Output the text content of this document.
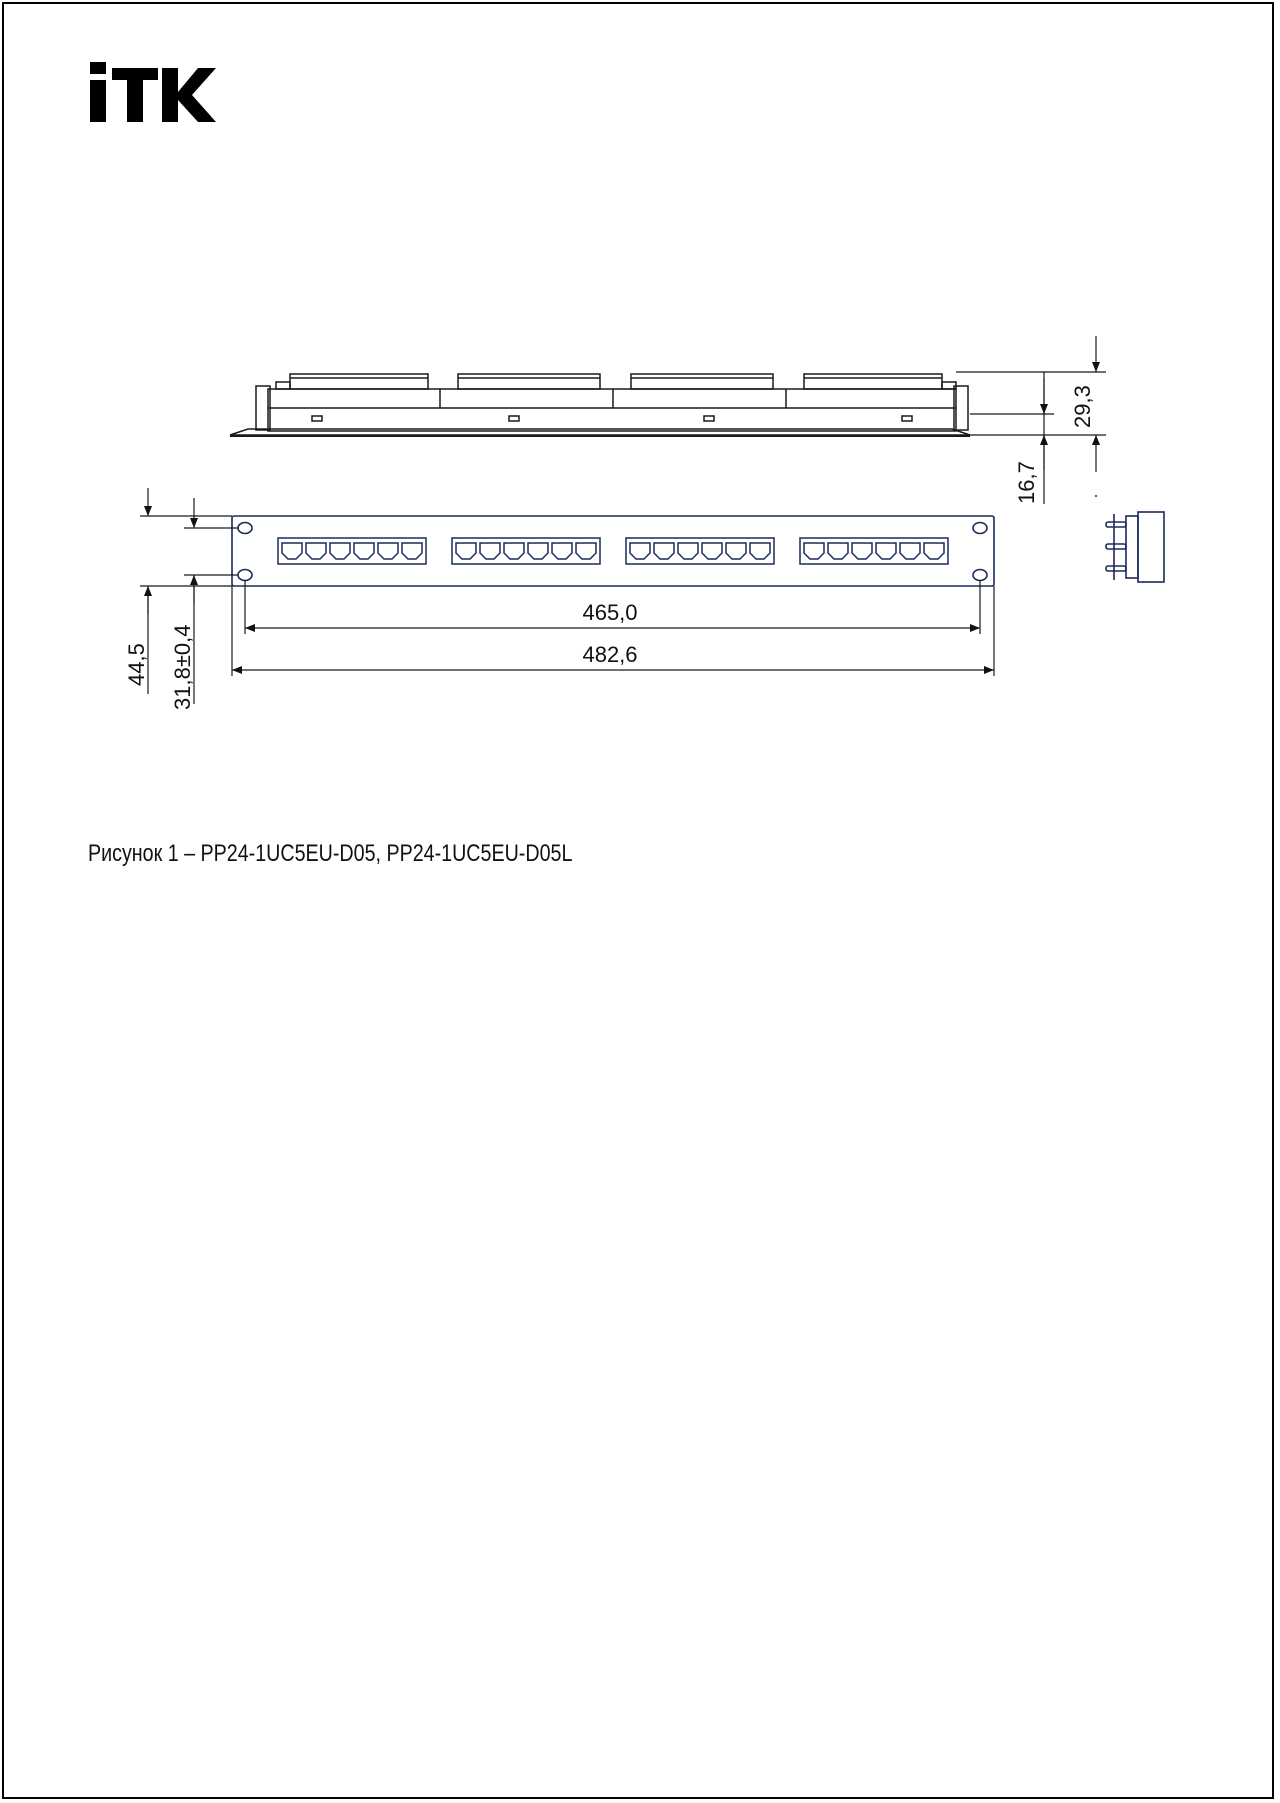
29,3
16,7
44,5 31,8±0,4
465,0
482,6
Рисунок 1 – PP24-1UC5EU-D05, PP24-1UC5EU-D05L
